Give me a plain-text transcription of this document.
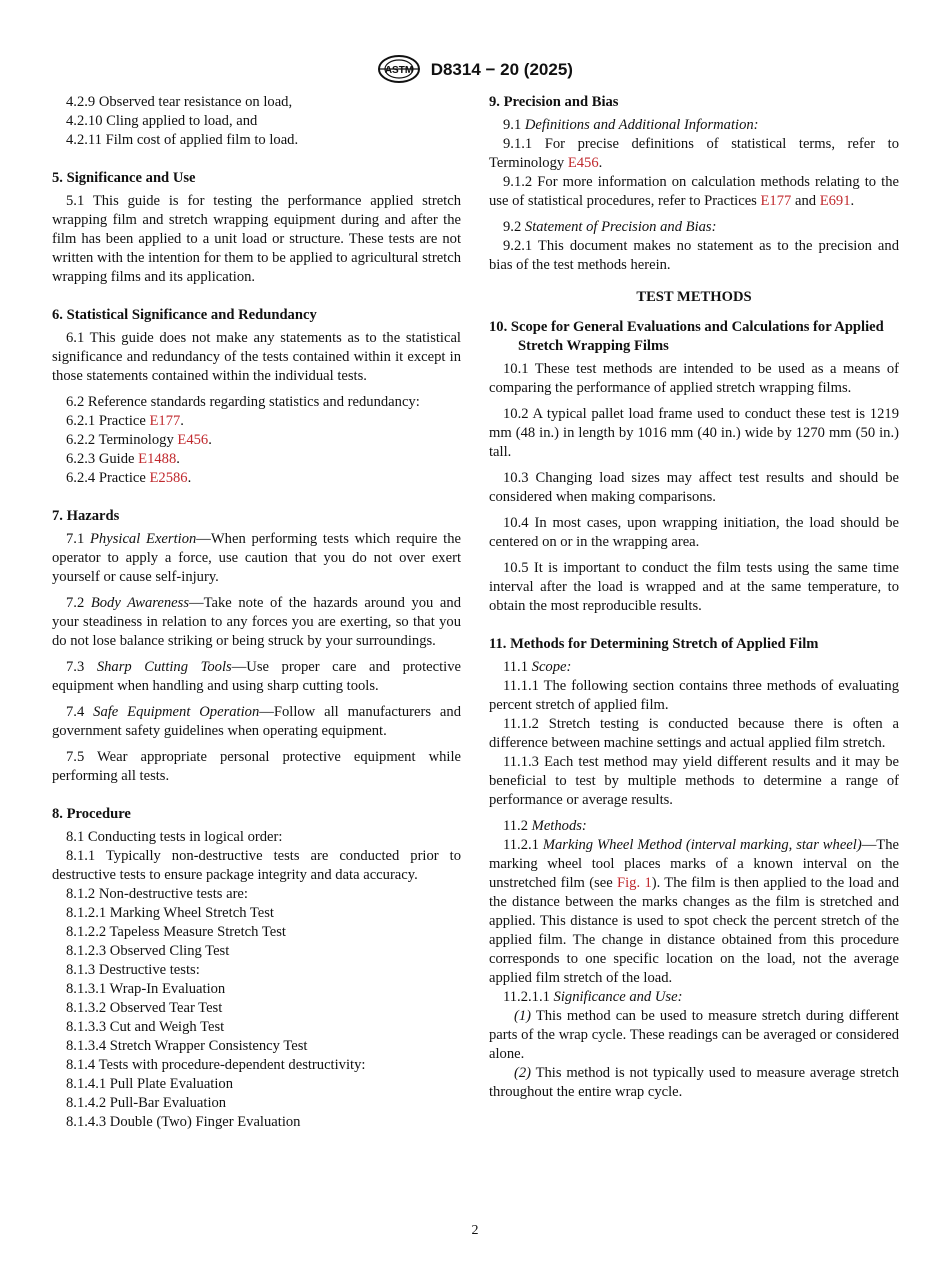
ASTM D8314 − 20 (2025)

4.2.9 Observed tear resistance on load,

4.2.10 Cling applied to load, and

4.2.11 Film cost of applied film to load.

5. Significance and Use

5.1 This guide is for testing the performance applied stretch wrapping film and stretch wrapping equipment during and after the film has been applied to a unit load or structure. These tests are not written with the intention for them to be applied to agricultural stretch wrapping films and its application.

6. Statistical Significance and Redundancy

6.1 This guide does not make any statements as to the statistical significance and redundancy of the tests contained within it except in those statements contained within the individual tests.

6.2 Reference standards regarding statistics and redundancy:

6.2.1 Practice E177.

6.2.2 Terminology E456.

6.2.3 Guide E1488.

6.2.4 Practice E2586.

7. Hazards

7.1 Physical Exertion—When performing tests which require the operator to apply a force, use caution that you do not over exert yourself or cause self-injury.

7.2 Body Awareness—Take note of the hazards around you and your steadiness in relation to any forces you are exerting, so that you do not lose balance striking or being struck by your surroundings.

7.3 Sharp Cutting Tools—Use proper care and protective equipment when handling and using sharp cutting tools.

7.4 Safe Equipment Operation—Follow all manufacturers and government safety guidelines when operating equipment.

7.5 Wear appropriate personal protective equipment while performing all tests.

8. Procedure

8.1 Conducting tests in logical order:

8.1.1 Typically non-destructive tests are conducted prior to destructive tests to ensure package integrity and data accuracy.

8.1.2 Non-destructive tests are:

8.1.2.1 Marking Wheel Stretch Test

8.1.2.2 Tapeless Measure Stretch Test

8.1.2.3 Observed Cling Test

8.1.3 Destructive tests:

8.1.3.1 Wrap-In Evaluation

8.1.3.2 Observed Tear Test

8.1.3.3 Cut and Weigh Test

8.1.3.4 Stretch Wrapper Consistency Test

8.1.4 Tests with procedure-dependent destructivity:

8.1.4.1 Pull Plate Evaluation

8.1.4.2 Pull-Bar Evaluation

8.1.4.3 Double (Two) Finger Evaluation

9. Precision and Bias

9.1 Definitions and Additional Information:

9.1.1 For precise definitions of statistical terms, refer to Terminology E456.

9.1.2 For more information on calculation methods relating to the use of statistical procedures, refer to Practices E177 and E691.

9.2 Statement of Precision and Bias:

9.2.1 This document makes no statement as to the precision and bias of the test methods herein.

TEST METHODS

10. Scope for General Evaluations and Calculations for Applied Stretch Wrapping Films

10.1 These test methods are intended to be used as a means of comparing the performance of applied stretch wrapping films.

10.2 A typical pallet load frame used to conduct these test is 1219 mm (48 in.) in length by 1016 mm (40 in.) wide by 1270 mm (50 in.) tall.

10.3 Changing load sizes may affect test results and should be considered when making comparisons.

10.4 In most cases, upon wrapping initiation, the load should be centered on or in the wrapping area.

10.5 It is important to conduct the film tests using the same time interval after the load is wrapped and at the same temperature, to obtain the most reproducible results.

11. Methods for Determining Stretch of Applied Film

11.1 Scope:

11.1.1 The following section contains three methods of evaluating percent stretch of applied film.

11.1.2 Stretch testing is conducted because there is often a difference between machine settings and actual applied film stretch.

11.1.3 Each test method may yield different results and it may be beneficial to test by multiple methods to determine a range of performance or average results.

11.2 Methods:

11.2.1 Marking Wheel Method (interval marking, star wheel)—The marking wheel tool places marks of a known interval on the unstretched film (see Fig. 1). The film is then applied to the load and the distance between the marks changes as the film is stretched and applied. This distance is used to spot check the percent stretch of the applied film. The change in distance obtained from this procedure corresponds to one specific location on the load, not the average applied film stretch of the load.

11.2.1.1 Significance and Use:

(1) This method can be used to measure stretch during different parts of the wrap cycle. These readings can be averaged or considered alone.

(2) This method is not typically used to measure average stretch throughout the entire wrap cycle.

2
